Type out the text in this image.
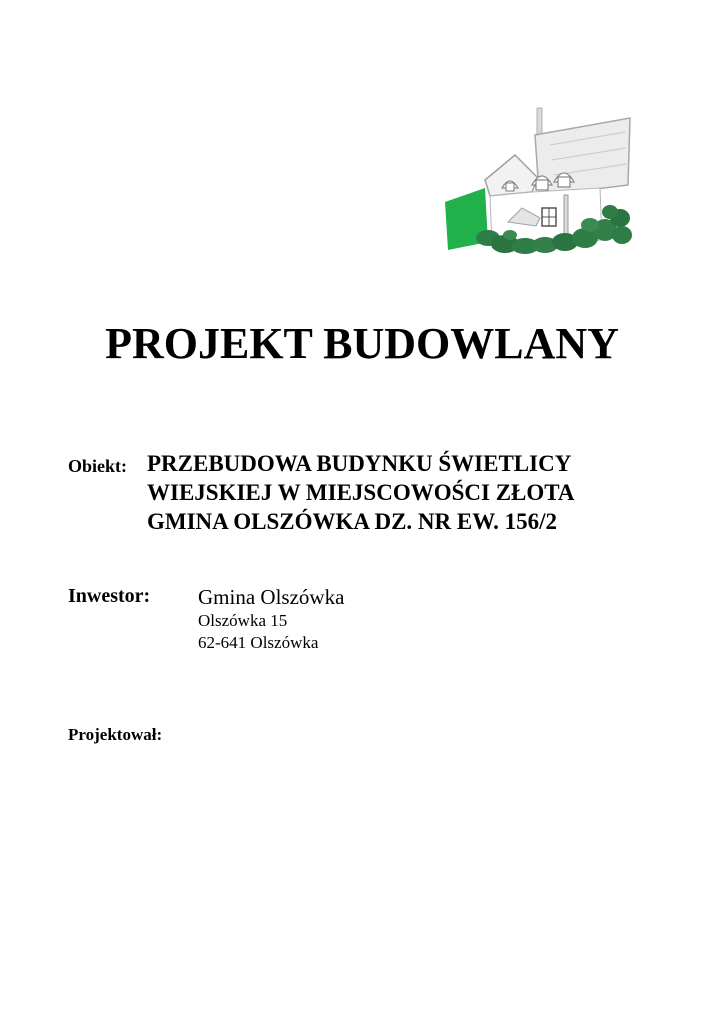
PROJEKT BUDOWLANY
Obiekt: PRZEBUDOWA BUDYNKU ŚWIETLICY
WIEJSKIEJ W MIEJSCOWOŚCI ZŁOTA
GMINA OLSZÓWKA DZ. NR EW. 156/2
Inwestor: Gmina Olszówka
Olszówka 15
62-641 Olszówka
Projektował:
